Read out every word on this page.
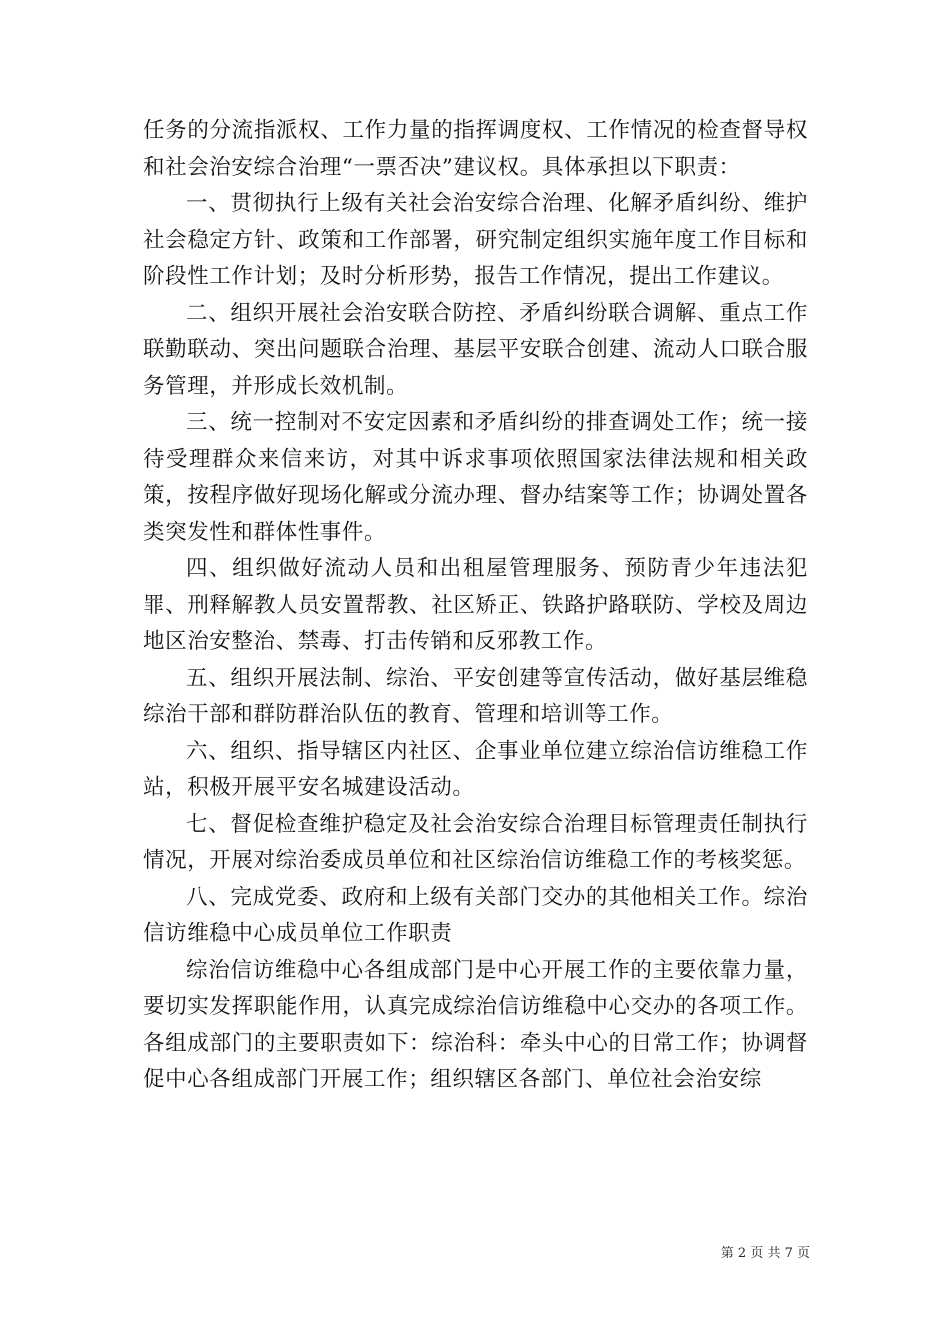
任务的分流指派权、工作力量的指挥调度权、工作情况的检查督导权和社会治安综合治理“一票否决”建议权。具体承担以下职责：

一、贯彻执行上级有关社会治安综合治理、化解矛盾纠纷、维护社会稳定方针、政策和工作部署，研究制定组织实施年度工作目标和阶段性工作计划；及时分析形势，报告工作情况，提出工作建议。

二、组织开展社会治安联合防控、矛盾纠纷联合调解、重点工作联勤联动、突出问题联合治理、基层平安联合创建、流动人口联合服务管理，并形成长效机制。

三、统一控制对不安定因素和矛盾纠纷的排查调处工作；统一接待受理群众来信来访，对其中诉求事项依照国家法律法规和相关政策，按程序做好现场化解或分流办理、督办结案等工作；协调处置各类突发性和群体性事件。

四、组织做好流动人员和出租屋管理服务、预防青少年违法犯罪、刑释解教人员安置帮教、社区矫正、铁路护路联防、学校及周边地区治安整治、禁毒、打击传销和反邪教工作。

五、组织开展法制、综治、平安创建等宣传活动，做好基层维稳综治干部和群防群治队伍的教育、管理和培训等工作。

六、组织、指导辖区内社区、企事业单位建立综治信访维稳工作站，积极开展平安名城建设活动。

七、督促检查维护稳定及社会治安综合治理目标管理责任制执行情况，开展对综治委成员单位和社区综治信访维稳工作的考核奖惩。

八、完成党委、政府和上级有关部门交办的其他相关工作。综治信访维稳中心成员单位工作职责

综治信访维稳中心各组成部门是中心开展工作的主要依靠力量，要切实发挥职能作用，认真完成综治信访维稳中心交办的各项工作。各组成部门的主要职责如下：综治科：牵头中心的日常工作；协调督促中心各组成部门开展工作；组织辖区各部门、单位社会治安综

第 2 页 共 7 页
